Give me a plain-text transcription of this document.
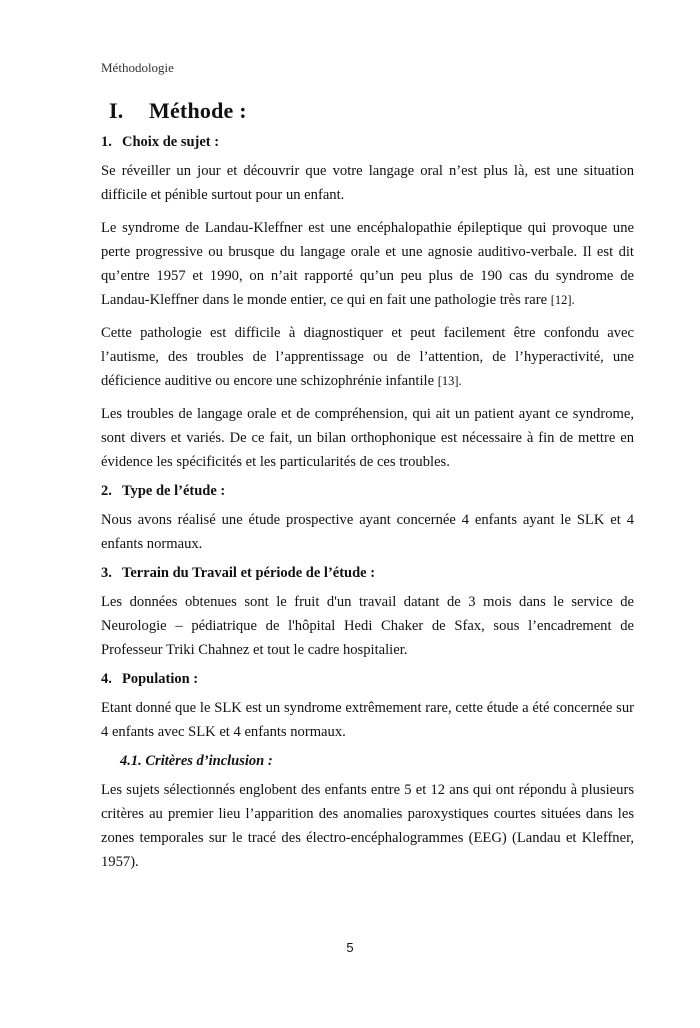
Méthodologie
I. Méthode :
1. Choix de sujet :

Se réveiller un jour et découvrir que votre langage oral n’est plus là, est une situation difficile et pénible surtout pour un enfant.

Le syndrome de Landau-Kleffner est une encéphalopathie épileptique qui provoque une perte progressive ou brusque du langage orale et une agnosie auditivo-verbale. Il est dit qu’entre 1957 et 1990, on n’ait rapporté qu’un peu plus de 190 cas du syndrome de Landau-Kleffner dans le monde entier, ce qui en fait une pathologie très rare [12].

Cette pathologie est difficile à diagnostiquer et peut facilement être confondu avec l’autisme, des troubles de l’apprentissage ou de l’attention, de l’hyperactivité, une déficience auditive ou encore une schizophrénie infantile [13].

Les troubles de langage orale et de compréhension, qui ait un patient ayant ce syndrome, sont divers et variés. De ce fait, un bilan orthophonique est nécessaire à fin de mettre en évidence les spécificités et les particularités de ces troubles.

2. Type de l’étude :

Nous avons réalisé une étude prospective ayant concernée 4 enfants ayant le SLK et 4 enfants normaux.

3. Terrain du Travail et période de l’étude :

Les données obtenues sont le fruit d'un travail datant de 3 mois dans le service de Neurologie – pédiatrique de l'hôpital Hedi Chaker de Sfax, sous l’encadrement de Professeur Triki Chahnez et tout le cadre hospitalier.

4. Population :

Etant donné que le SLK est un syndrome extrêmement rare, cette étude a été concernée sur 4 enfants avec SLK et 4 enfants normaux.

4.1. Critères d’inclusion :

Les sujets sélectionnés englobent des enfants entre 5 et 12 ans qui ont répondu à plusieurs critères au premier lieu l’apparition des anomalies paroxystiques courtes situées dans les zones temporales sur le tracé des électro-encéphalogrammes (EEG) (Landau et Kleffner, 1957).

5
